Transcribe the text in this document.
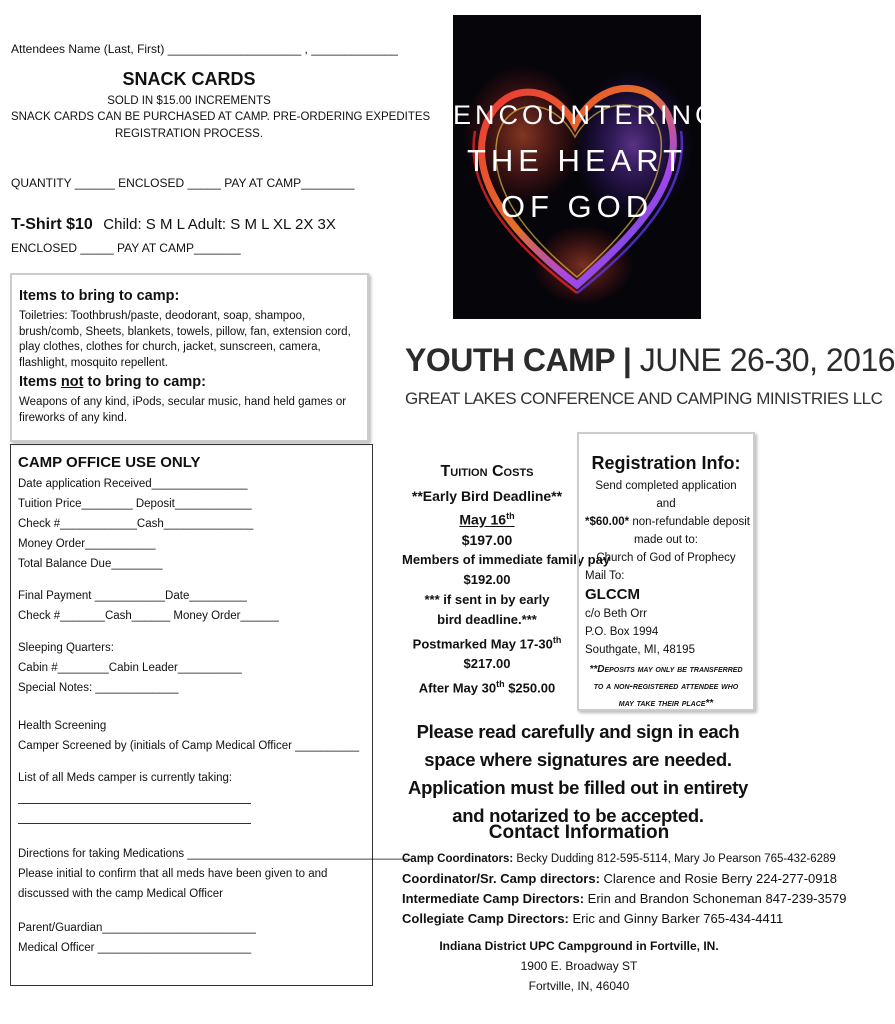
Attendees Name (Last, First) ____________________ , _____________
SNACK CARDS
SOLD IN $15.00 INCREMENTS
SNACK CARDS CAN BE PURCHASED AT CAMP. PRE-ORDERING EXPEDITES
REGISTRATION PROCESS.
QUANTITY ______ ENCLOSED _____ PAY AT CAMP________
T-Shirt $10 Child: S M L Adult: S M L XL 2X 3X
ENCLOSED _____ PAY AT CAMP_______
Items to bring to camp:
Toiletries: Toothbrush/paste, deodorant, soap, shampoo, brush/comb, Sheets, blankets, towels, pillow, fan, extension cord, play clothes, clothes for church, jacket, sunscreen, camera, flashlight, mosquito repellent.
Items not to bring to camp:
Weapons of any kind, iPods, secular music, hand held games or fireworks of any kind.
CAMP OFFICE USE ONLY
Date application Received_______________
Tuition Price________ Deposit____________
Check #____________Cash______________
Money Order___________
Total Balance Due________
Final Payment ___________Date_________
Check #_______Cash______ Money Order______
Sleeping Quarters:
Cabin #________Cabin Leader__________
Special Notes: _____________
Health Screening
Camper Screened by (initials of Camp Medical Officer __________
List of all Meds camper is currently taking:
Directions for taking Medications ___________________________________
Please initial to confirm that all meds have been given to and discussed with the camp Medical Officer
Parent/Guardian________________________
Medical Officer ________________________
ENCOUNTERING
THE HEART
OF GOD
YOUTH CAMP | JUNE 26-30, 2016
GREAT LAKES CONFERENCE AND CAMPING MINISTRIES LLC
Tuition Costs
**Early Bird Deadline**
May 16th
$197.00
Members of immediate family pay
$192.00
*** if sent in by early bird deadline.***
Postmarked May 17-30th
$217.00
After May 30th $250.00
Registration Info:
Send completed application and
*$60.00* non-refundable deposit
made out to:
Church of God of Prophecy
Mail To:
GLCCM
c/o Beth Orr
P.O. Box 1994
Southgate, MI, 48195
**Deposits may only be transferred to a non-registered attendee who may take their place**
Please read carefully and sign in each space where signatures are needed. Application must be filled out in entirety and notarized to be accepted.
Contact Information
Camp Coordinators: Becky Dudding 812-595-5114, Mary Jo Pearson 765-432-6289
Coordinator/Sr. Camp directors: Clarence and Rosie Berry 224-277-0918
Intermediate Camp Directors: Erin and Brandon Schoneman 847-239-3579
Collegiate Camp Directors: Eric and Ginny Barker 765-434-4411
Indiana District UPC Campground in Fortville, IN.
1900 E. Broadway ST
Fortville, IN, 46040
